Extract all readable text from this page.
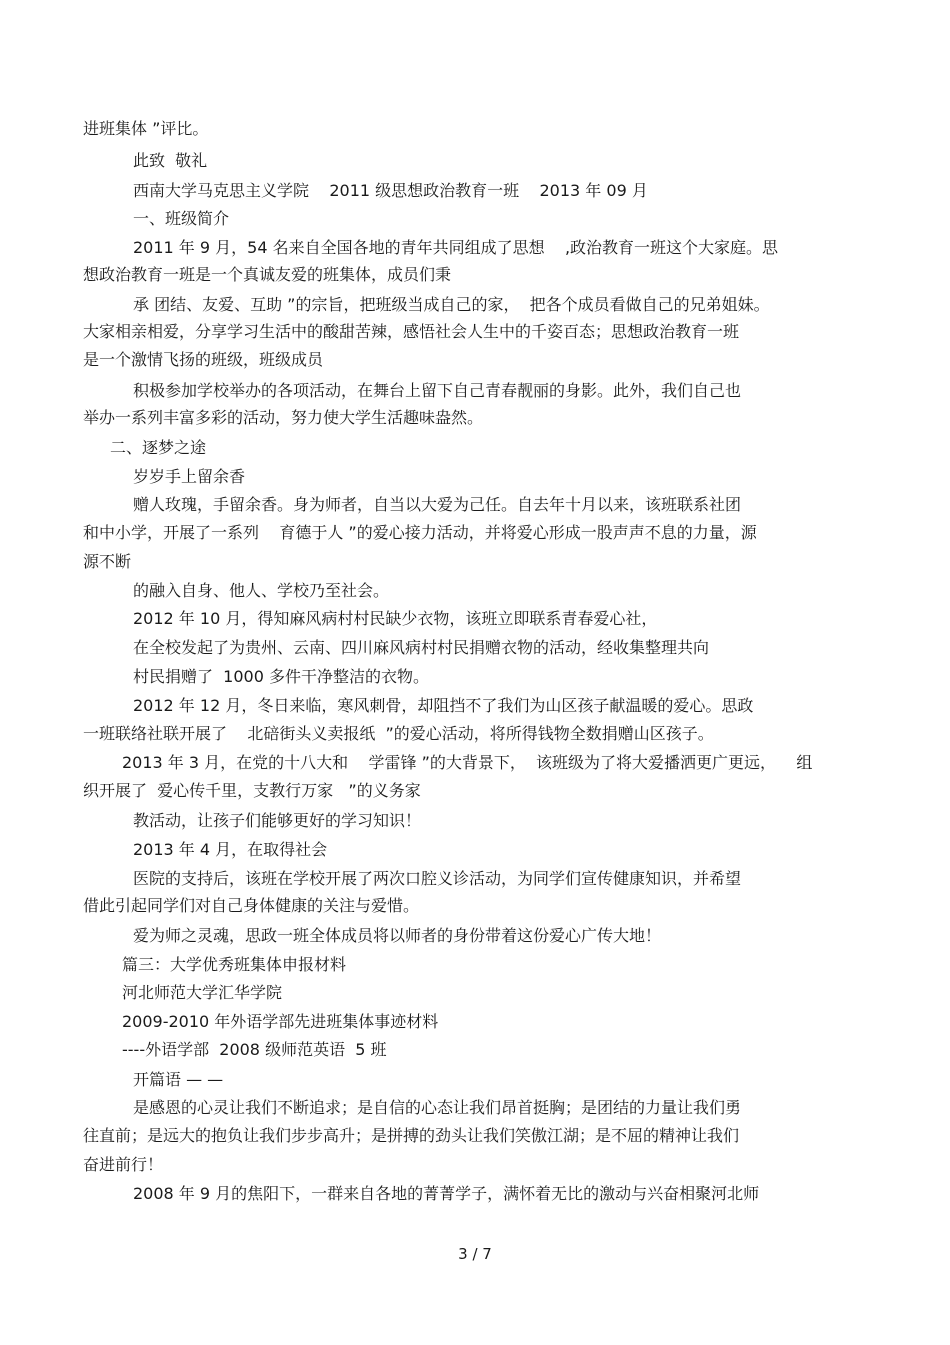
进班集体 ”评比。
此致  敬礼
西南大学马克思主义学院    2011 级思想政治教育一班    2013 年 09 月
一、班级简介
2011 年 9 月，54 名来自全国各地的青年共同组成了思想    ,政治教育一班这个大家庭。思
想政治教育一班是一个真诚友爱的班集体，成员们秉
承 团结、友爱、互助 ”的宗旨，把班级当成自己的家，  把各个成员看做自己的兄弟姐妹。
大家相亲相爱，分享学习生活中的酸甜苦辣，感悟社会人生中的千姿百态；思想政治教育一班
是一个激情飞扬的班级，班级成员
积极参加学校举办的各项活动，在舞台上留下自己青春靓丽的身影。此外，我们自己也
举办一系列丰富多彩的活动，努力使大学生活趣味盎然。
二、逐梦之途
岁岁手上留余香
赠人玫瑰，手留余香。身为师者，自当以大爱为己任。自去年十月以来，该班联系社团
和中小学，开展了一系列    育德于人 ”的爱心接力活动，并将爱心形成一股声声不息的力量，源
源不断
的融入自身、他人、学校乃至社会。
2012 年 10 月，得知麻风病村村民缺少衣物，该班立即联系青春爱心社，
在全校发起了为贵州、云南、四川麻风病村村民捐赠衣物的活动，经收集整理共向
村民捐赠了  1000 多件干净整洁的衣物。
2012 年 12 月，冬日来临，寒风刺骨，却阻挡不了我们为山区孩子献温暖的爱心。思政
一班联络社联开展了    北碚街头义卖报纸  ”的爱心活动，将所得钱物全数捐赠山区孩子。
2013 年 3 月，在党的十八大和    学雷锋 ”的大背景下，  该班级为了将大爱播洒更广更远，    组
织开展了  爱心传千里，支教行万家   ”的义务家
教活动，让孩子们能够更好的学习知识！
2013 年 4 月，在取得社会
医院的支持后，该班在学校开展了两次口腔义诊活动，为同学们宣传健康知识，并希望
借此引起同学们对自己身体健康的关注与爱惜。
爱为师之灵魂，思政一班全体成员将以师者的身份带着这份爱心广传大地！
篇三：大学优秀班集体申报材料
河北师范大学汇华学院
2009-2010 年外语学部先进班集体事迹材料
----外语学部  2008 级师范英语  5 班
开篇语 — —
是感恩的心灵让我们不断追求；是自信的心态让我们昂首挺胸；是团结的力量让我们勇
往直前；是远大的抱负让我们步步高升；是拼搏的劲头让我们笑傲江湖；是不屈的精神让我们
奋进前行！
2008 年 9 月的焦阳下，一群来自各地的菁菁学子，满怀着无比的激动与兴奋相聚河北师
3 / 7
